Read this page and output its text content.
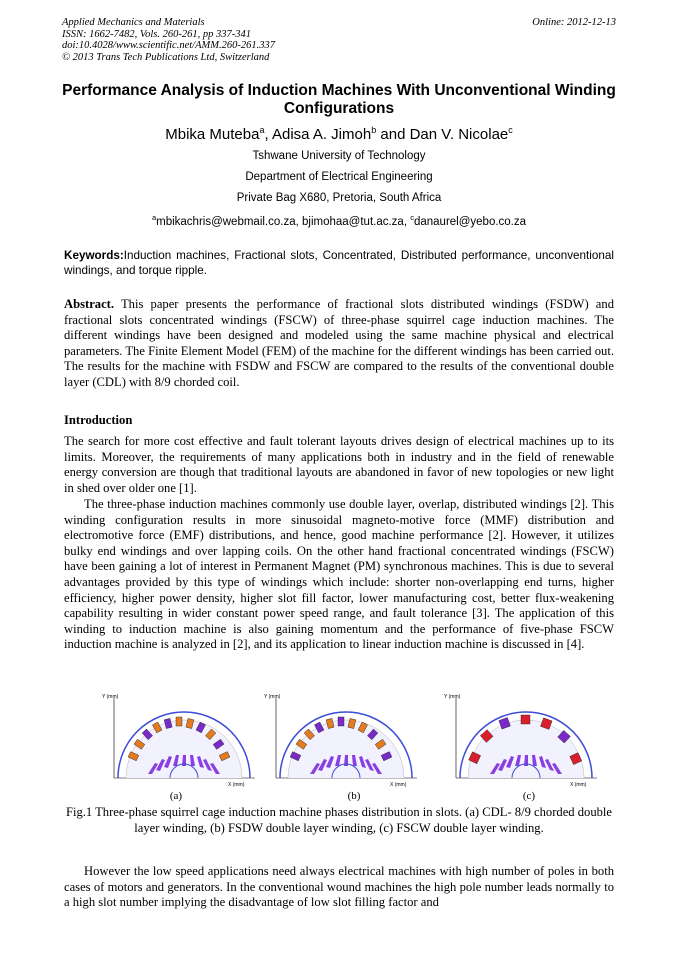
Applied Mechanics and Materials	Online: 2012-12-13
ISSN: 1662-7482, Vols. 260-261, pp 337-341
doi:10.4028/www.scientific.net/AMM.260-261.337
© 2013 Trans Tech Publications Ltd, Switzerland
Performance Analysis of Induction Machines With Unconventional Winding Configurations
Mbika Muteba$^a$, Adisa A. Jimoh$^b$ and Dan V. Nicolae$^c$
Tshwane University of Technology
Department of Electrical Engineering
Private Bag X680, Pretoria, South Africa
$^a$mbikachris@webmail.co.za, bjimohaa@tut.ac.za, $^c$danaurel@yebo.co.za
Keywords:Induction machines, Fractional slots, Concentrated, Distributed performance, unconventional windings, and torque ripple.
Abstract. This paper presents the performance of fractional slots distributed windings (FSDW) and fractional slots concentrated windings (FSCW) of three-phase squirrel cage induction machines. The different windings have been designed and modeled using the same machine physical and electrical parameters. The Finite Element Model (FEM) of the machine for the different windings has been carried out. The results for the machine with FSDW and FSCW are compared to the results of the conventional double layer (CDL) with 8/9 chorded coil.
Introduction
The search for more cost effective and fault tolerant layouts drives design of electrical machines up to its limits. Moreover, the requirements of many applications both in industry and in the field of renewable energy conversion are though that traditional layouts are abandoned in favor of new topologies or new light in shed over older one [1].
The three-phase induction machines commonly use double layer, overlap, distributed windings [2]. This winding configuration results in more sinusoidal magneto-motive force (MMF) distribution and electromotive force (EMF) distributions, and hence, good machine performance [2]. However, it utilizes bulky end windings and over lapping coils. On the other hand fractional concentrated windings (FSCW) have been gaining a lot of interest in Permanent Magnet (PM) synchronous machines. This is due to several advantages provided by this type of windings which include: shorter non-overlapping end turns, higher efficiency, higher power density, higher slot fill factor, lower manufacturing cost, better flux-weakening capability resulting in wider constant power speed range, and fault tolerance [3]. The application of this winding to induction machine is also gaining momentum and the performance of five-phase FSCW induction machine is analyzed in [2], and its application to linear induction machine is discussed in [4].
Y (mm)
X (mm)
Y (mm)
X (mm)
Y (mm)
X (mm)
(a)	(b)	(c)
Fig.1 Three-phase squirrel cage induction machine phases distribution in slots. (a) CDL- 8/9 chorded double layer winding, (b) FSDW double layer winding, (c) FSCW double layer winding.
However the low speed applications need always electrical machines with high number of poles in both cases of motors and generators. In the conventional wound machines the high pole number leads normally to a high slot number implying the disadvantage of low slot filling factor and
